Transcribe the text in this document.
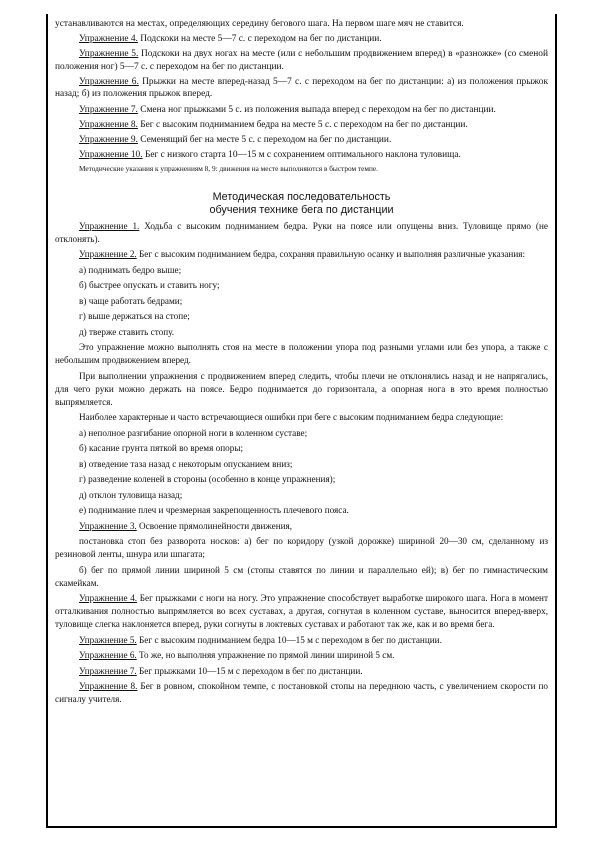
устанавливаются на местах, определяющих середину бегового шага. На первом шаге мяч не ставится.

Упражнение 4. Подскоки на месте 5—7 с. с переходом на бег по дистанции.

Упражнение 5. Подскоки на двух ногах на месте (или с небольшим продвижением вперед) в «разножке» (со сменой положения ног) 5—7 с. с переходом на бег по дистанции.

Упражнение 6. Прыжки на месте вперед-назад 5—7 с. с переходом на бег по дистанции: а) из положения прыжок назад; б) из положения прыжок вперед.

Упражнение 7. Смена ног прыжками 5 с. из положения выпада вперед с переходом на бег по дистанции.

Упражнение 8. Бег с высоким подниманием бедра на месте 5 с. с переходом на бег по дистанции.

Упражнение 9. Семенящий бег на месте 5 с. с переходом на бег по дистанции.

Упражнение 10. Бег с низкого старта 10—15 м с сохранением оптимального наклона туловища.

Методические указания к упражнениям 8, 9: движения на месте выполняются в быстром темпе.

Методическая последовательность
обучения технике бега по дистанции

Упражнение 1. Ходьба с высоким подниманием бедра. Руки на поясе или опущены вниз. Туловище прямо (не отклонять).

Упражнение 2. Бег с высоким подниманием бедра, сохраняя правильную осанку и выполняя различные указания:

а) поднимать бедро выше;

б) быстрее опускать и ставить ногу;

в) чаще работать бедрами;

г) выше держаться на стопе;

д) тверже ставить стопу.

Это упражнение можно выполнять стоя на месте в положении упора под разными углами или без упора, а также с небольшим продвижением вперед.

При выполнении упражнения с продвижением вперед следить, чтобы плечи не отклонялись назад и не напрягались, для чего руки можно держать на поясе. Бедро поднимается до горизонтала, а опорная нога в это время полностью выпрямляется.

Наиболее характерные и часто встречающиеся ошибки при беге с высоким подниманием бедра следующие:

а) неполное разгибание опорной ноги в коленном суставе;

б) касание грунта пяткой во время опоры;

в) отведение таза назад с некоторым опусканием вниз;

г) разведение коленей в стороны (особенно в конце упражнения);

д) отклон туловища назад;

е) поднимание плеч и чрезмерная закрепощенность плечевого пояса.

Упражнение 3. Освоение прямолинейности движения,

постановка стоп без разворота носков: а) бег по коридору (узкой дорожке) шириной 20—30 см, сделанному из резиновой ленты, шнура или шпагата;

б) бег по прямой линии шириной 5 см (стопы ставятся по линии и параллельно ей); в) бег по гимнастическим скамейкам.

Упражнение 4. Бег прыжками с ноги на ногу. Это упражнение способствует выработке широкого шага. Нога в момент отталкивания полностью выпрямляется во всех суставах, а другая, согнутая в коленном суставе, выносится вперед-вверх, туловище слегка наклоняется вперед, руки согнуты в локтевых суставах и работают так же, как и во время бега.

Упражнение 5. Бег с высоким подниманием бедра 10—15 м с переходом в бег по дистанции.

Упражнение 6. То же, но выполняя упражнение по прямой линии шириной 5 см.

Упражнение 7. Бег прыжками 10—15 м с переходом в бег по дистанции.

Упражнение 8. Бег в ровном, спокойном темпе, с постановкой стопы на переднюю часть, с увеличением скорости по сигналу учителя.
